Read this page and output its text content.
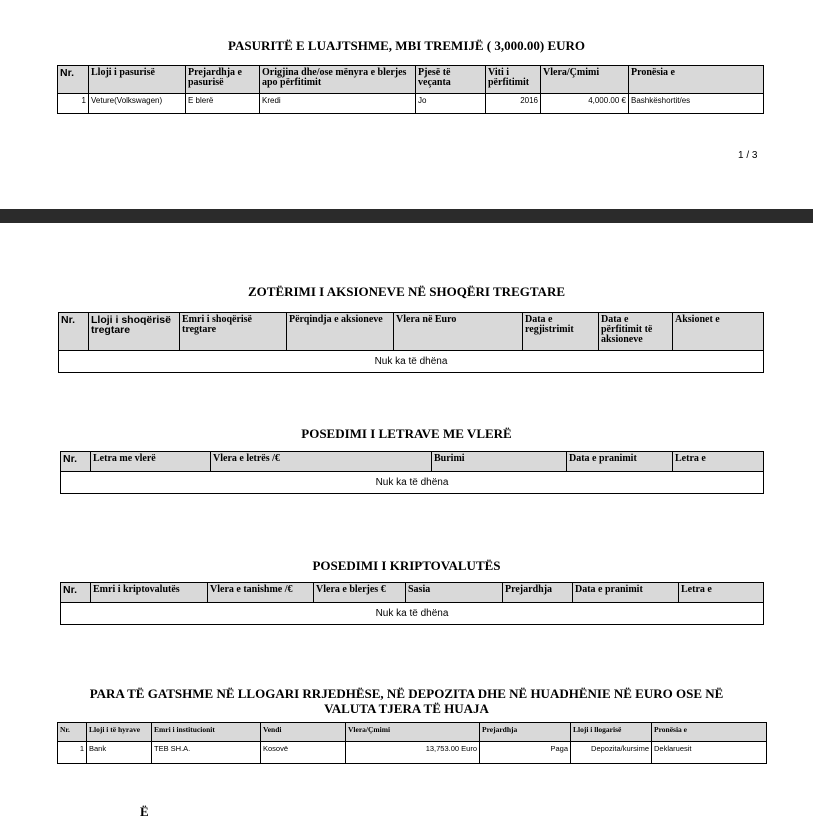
PASURITË E LUAJTSHME, MBI TREMIJË ( 3,000.00) EURO
Nr.	Lloji i pasurisë	Prejardhja e pasurisë	Origjina dhe/ose mënyra e blerjes apo përfitimit	Pjesë të veçanta	Viti i përfitimit	Vlera/Çmimi	Pronësia e
1	Veture(Volkswagen)	E blerë	Kredi	Jo	2016	4,000.00 €	Bashkëshortit/es
1 / 3
ZOTËRIMI I AKSIONEVE NË SHOQËRI TREGTARE
Nr.	Lloji i shoqërisë tregtare	Emri i shoqërisë tregtare	Përqindja e aksioneve	Vlera në Euro	Data e regjistrimit	Data e përfitimit të aksioneve	Aksionet e
Nuk ka të dhëna
POSEDIMI I LETRAVE ME VLERË
Nr.	Letra me vlerë	Vlera e letrës /€	Burimi	Data e pranimit	Letra e
Nuk ka të dhëna
POSEDIMI I KRIPTOVALUTËS
Nr.	Emri i kriptovalutës	Vlera e tanishme /€	Vlera e blerjes €	Sasia	Prejardhja	Data e pranimit	Letra e
Nuk ka të dhëna
PARA TË GATSHME NË LLOGARI RRJEDHËSE, NË DEPOZITA DHE NË HUADHËNIE NË EURO OSE NË
VALUTA TJERA TË HUAJA
Nr.	Lloji i të hyrave	Emri i institucionit	Vendi	Vlera/Çmimi	Prejardhja	Lloji i llogarisë	Pronësia e
1	Bank	TEB SH.A.	Kosovë	13,753.00 Euro	Paga	Depozita/kursime	Deklaruesit
Ë
